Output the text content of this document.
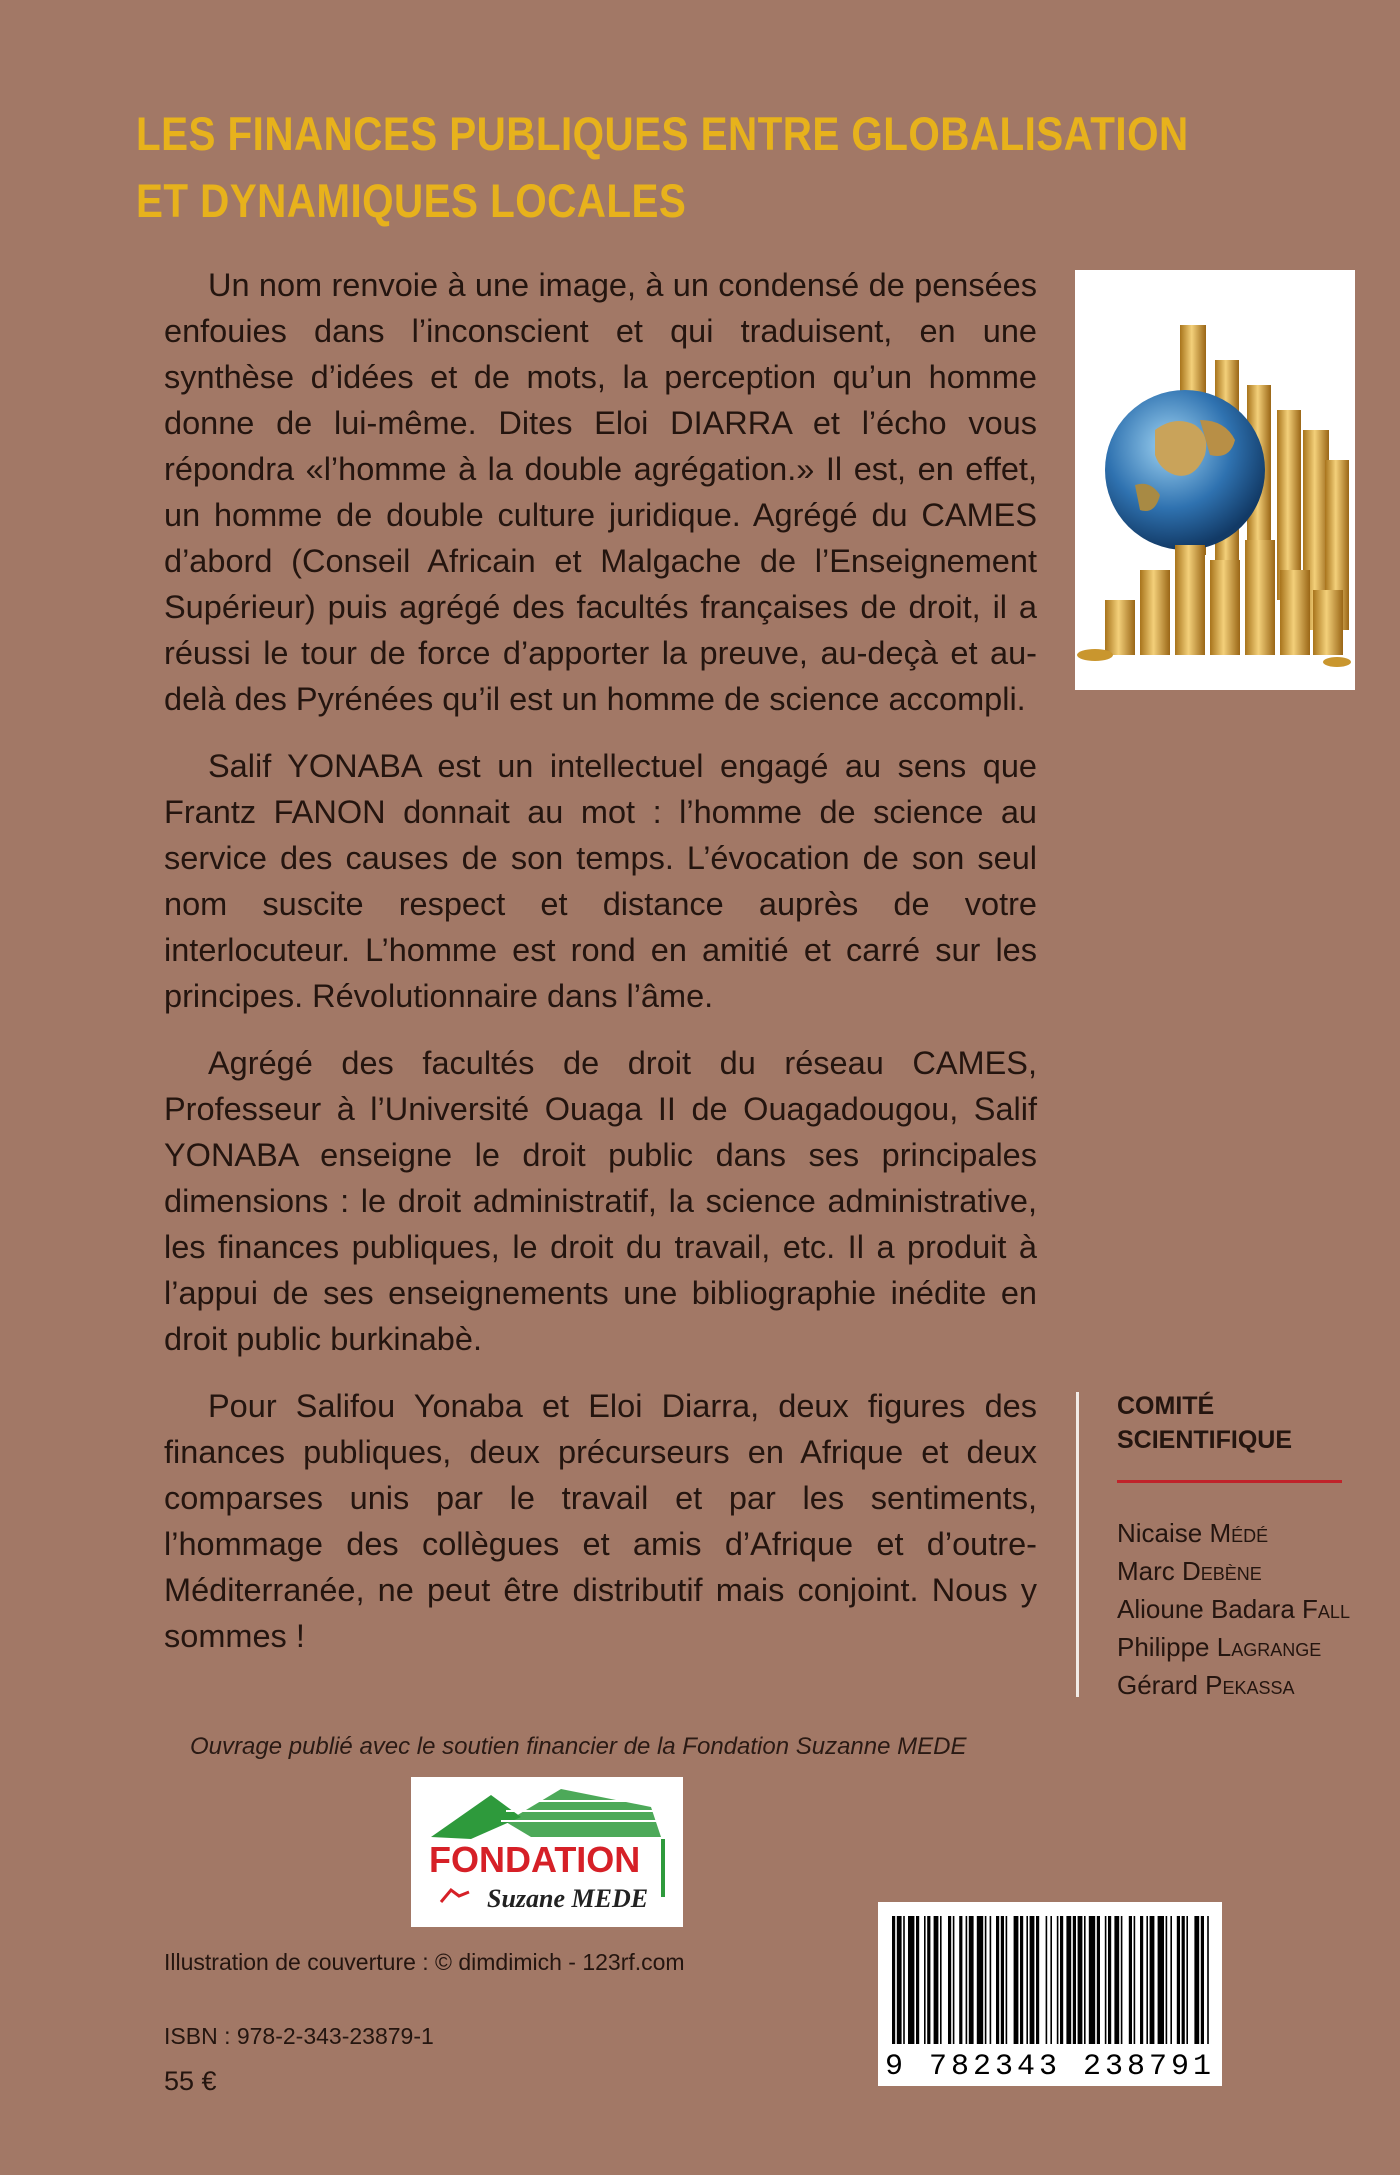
LES FINANCES PUBLIQUES ENTRE GLOBALISATION
ET DYNAMIQUES LOCALES

Un nom renvoie à une image, à un condensé de pensées enfouies dans l’inconscient et qui traduisent, en une synthèse d’idées et de mots, la perception qu’un homme donne de lui-même. Dites Eloi DIARRA et l’écho vous répondra «l’homme à la double agrégation.» Il est, en effet, un homme de double culture juridique. Agrégé du CAMES d’abord (Conseil Africain et Malgache de l’Enseignement Supérieur) puis agrégé des facultés françaises de droit, il a réussi le tour de force d’apporter la preuve, au-deçà et au-delà des Pyrénées qu’il est un homme de science accompli.

Salif YONABA est un intellectuel engagé au sens que Frantz FANON donnait au mot : l’homme de science au service des causes de son temps. L’évocation de son seul nom suscite respect et distance auprès de votre interlocuteur. L’homme est rond en amitié et carré sur les principes. Révolutionnaire dans l’âme.

Agrégé des facultés de droit du réseau CAMES, Professeur à l’Université Ouaga II de Ouagadougou, Salif YONABA enseigne le droit public dans ses principales dimensions : le droit administratif, la science administrative, les finances publiques, le droit du travail, etc. Il a produit à l’appui de ses enseignements une bibliographie inédite en droit public burkinabè.

Pour Salifou Yonaba et Eloi Diarra, deux figures des finances publiques, deux précurseurs en Afrique et deux comparses unis par le travail et par les sentiments, l’hommage des collègues et amis d’Afrique et d’outre-Méditerranée, ne peut être distributif mais conjoint. Nous y sommes !

COMITÉ
SCIENTIFIQUE
Nicaise Médé
Marc Debène
Alioune Badara Fall
Philippe Lagrange
Gérard Pekassa
Ouvrage publié avec le soutien financier de la Fondation Suzanne MEDE
FONDATION
Suzane MEDE
Illustration de couverture : © dimdimich - 123rf.com
ISBN : 978-2-343-23879-1
55 €	9 782343 238791
